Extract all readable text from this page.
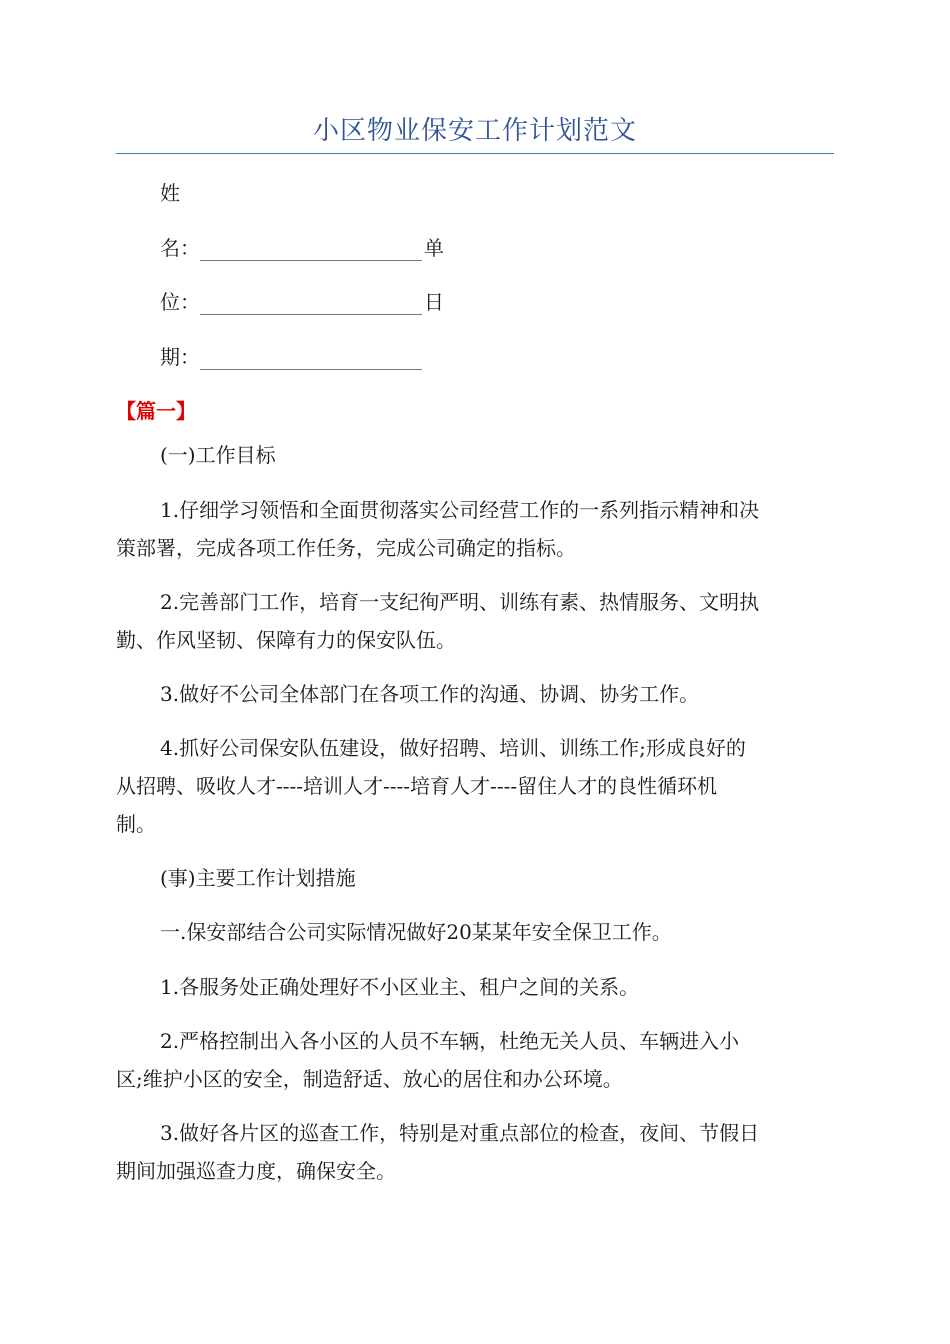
小区物业保安工作计划范文
姓
名：	单
位：	日
期：
【篇一】
(一)工作目标
1.仔细学习领悟和全面贯彻落实公司经营工作的一系列指示精神和决
策部署，完成各项工作任务，完成公司确定的指标。
2.完善部门工作，培育一支纪徇严明、训练有素、热情服务、文明执
勤、作风坚韧、保障有力的保安队伍。
3.做好不公司全体部门在各项工作的沟通、协调、协劣工作。
4.抓好公司保安队伍建设，做好招聘、培训、训练工作;形成良好的
从招聘、吸收人才----培训人才----培育人才----留住人才的良性循环机
制。
(事)主要工作计划措施
一.保安部结合公司实际情况做好20某某年安全保卫工作。
1.各服务处正确处理好不小区业主、租户之间的关系。
2.严格控制出入各小区的人员不车辆，杜绝无关人员、车辆进入小
区;维护小区的安全，制造舒适、放心的居住和办公环境。
3.做好各片区的巡查工作，特别是对重点部位的检查，夜间、节假日
期间加强巡查力度，确保安全。
